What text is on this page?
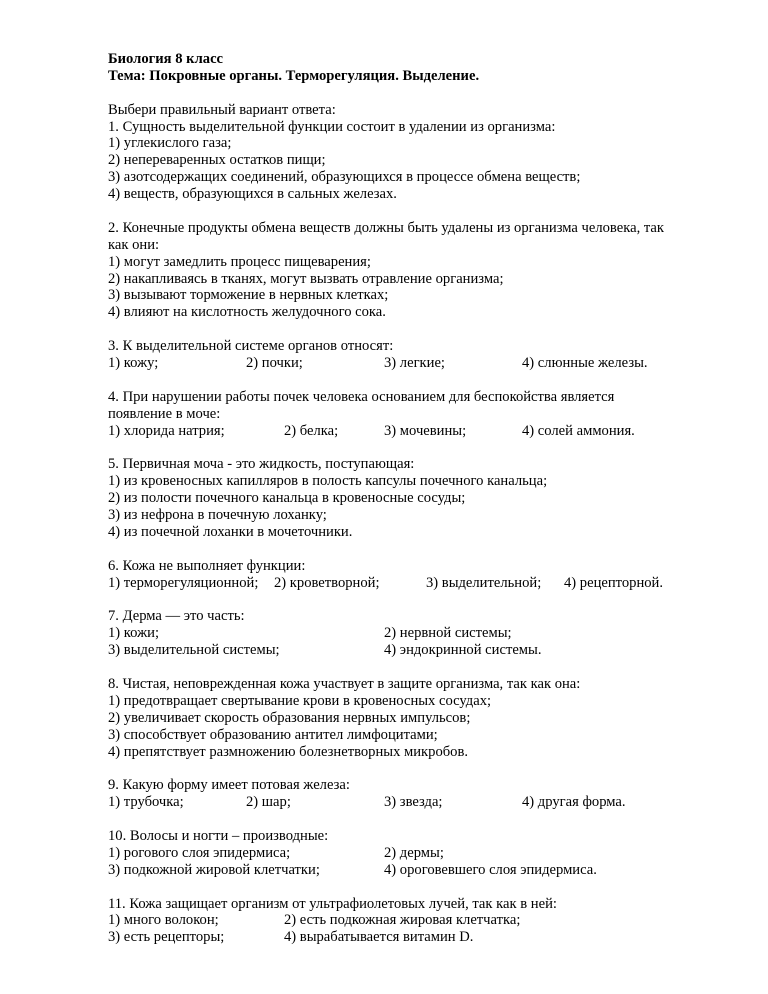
Биология 8 класс
Тема: Покровные органы. Терморегуляция. Выделение.
Выбери правильный вариант ответа:
1. Сущность выделительной функции состоит в удалении из организма:
1) углекислого газа;
2) непереваренных остатков пищи;
3) азотсодержащих соединений, образующихся в процессе обмена веществ;
4) веществ, образующихся в сальных железах.
2. Конечные продукты обмена веществ должны быть удалены из организма человека, так
как они:
1) могут замедлить процесс пищеварения;
2) накапливаясь в тканях, могут вызвать отравление организма;
3) вызывают торможение в нервных клетках;
4) влияют на кислотность желудочного сока.
3. К выделительной системе органов относят:
1) кожу;	2) почки;	3) легкие;	4) слюнные железы.
4. При нарушении работы почек человека основанием для беспокойства является
появление в моче:
1) хлорида натрия;	2) белка;	3) мочевины;	4) солей аммония.
5. Первичная моча - это жидкость, поступающая:
1) из кровеносных капилляров в полость капсулы почечного канальца;
2) из полости почечного канальца в кровеносные сосуды;
3) из нефрона в почечную лоханку;
4) из почечной лоханки в мочеточники.
6. Кожа не выполняет функции:
1) терморегуляционной; 2) кроветворной;	3) выделительной; 4) рецепторной.
7. Дерма — это часть:
1) кожи;	2) нервной системы;
3) выделительной системы;	4) эндокринной системы.
8. Чистая, неповрежденная кожа участвует в защите организма, так как она:
1) предотвращает свертывание крови в кровеносных сосудах;
2) увеличивает скорость образования нервных импульсов;
3) способствует образованию антител лимфоцитами;
4) препятствует размножению болезнетворных микробов.
9. Какую форму имеет потовая железа:
1) трубочка;	2) шар;	3) звезда;	4) другая форма.
10. Волосы и ногти – производные:
1) рогового слоя эпидермиса;	2) дермы;
3) подкожной жировой клетчатки;	4) ороговевшего слоя эпидермиса.
11. Кожа защищает организм от ультрафиолетовых лучей, так как в ней:
1) много волокон;	2) есть подкожная жировая клетчатка;
3) есть рецепторы;	4) вырабатывается витамин D.
